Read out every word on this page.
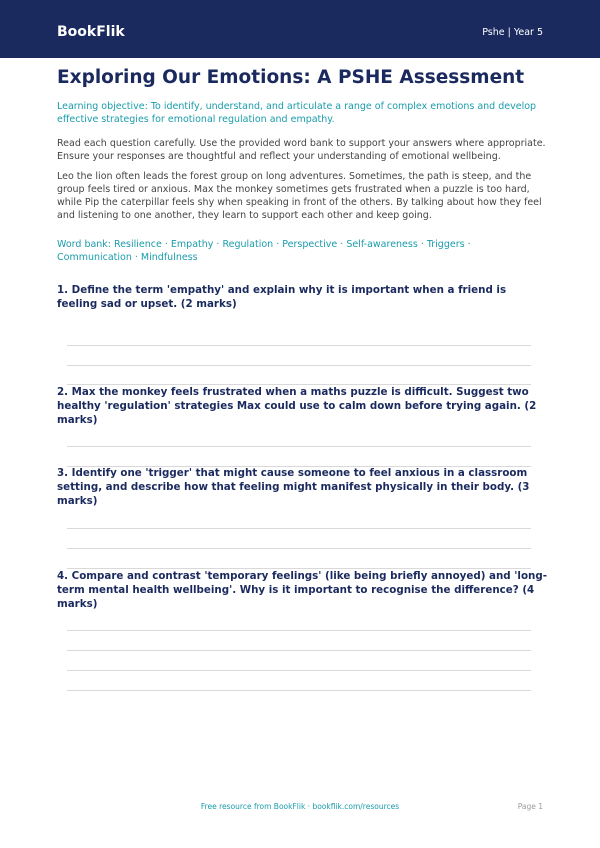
BookFlik	Pshe | Year 5
Exploring Our Emotions: A PSHE Assessment
Learning objective: To identify, understand, and articulate a range of complex emotions and develop effective strategies for emotional regulation and empathy.
Read each question carefully. Use the provided word bank to support your answers where appropriate. Ensure your responses are thoughtful and reflect your understanding of emotional wellbeing.
Leo the lion often leads the forest group on long adventures. Sometimes, the path is steep, and the group feels tired or anxious. Max the monkey sometimes gets frustrated when a puzzle is too hard, while Pip the caterpillar feels shy when speaking in front of the others. By talking about how they feel and listening to one another, they learn to support each other and keep going.
Word bank: Resilience · Empathy · Regulation · Perspective · Self-awareness · Triggers · Communication · Mindfulness
1. Define the term 'empathy' and explain why it is important when a friend is feeling sad or upset. (2 marks)
2. Max the monkey feels frustrated when a maths puzzle is difficult. Suggest two healthy 'regulation' strategies Max could use to calm down before trying again. (2 marks)
3. Identify one 'trigger' that might cause someone to feel anxious in a classroom setting, and describe how that feeling might manifest physically in their body. (3 marks)
4. Compare and contrast 'temporary feelings' (like being briefly annoyed) and 'long-term mental health wellbeing'. Why is it important to recognise the difference? (4 marks)
Free resource from BookFlik · bookflik.com/resources	Page 1
